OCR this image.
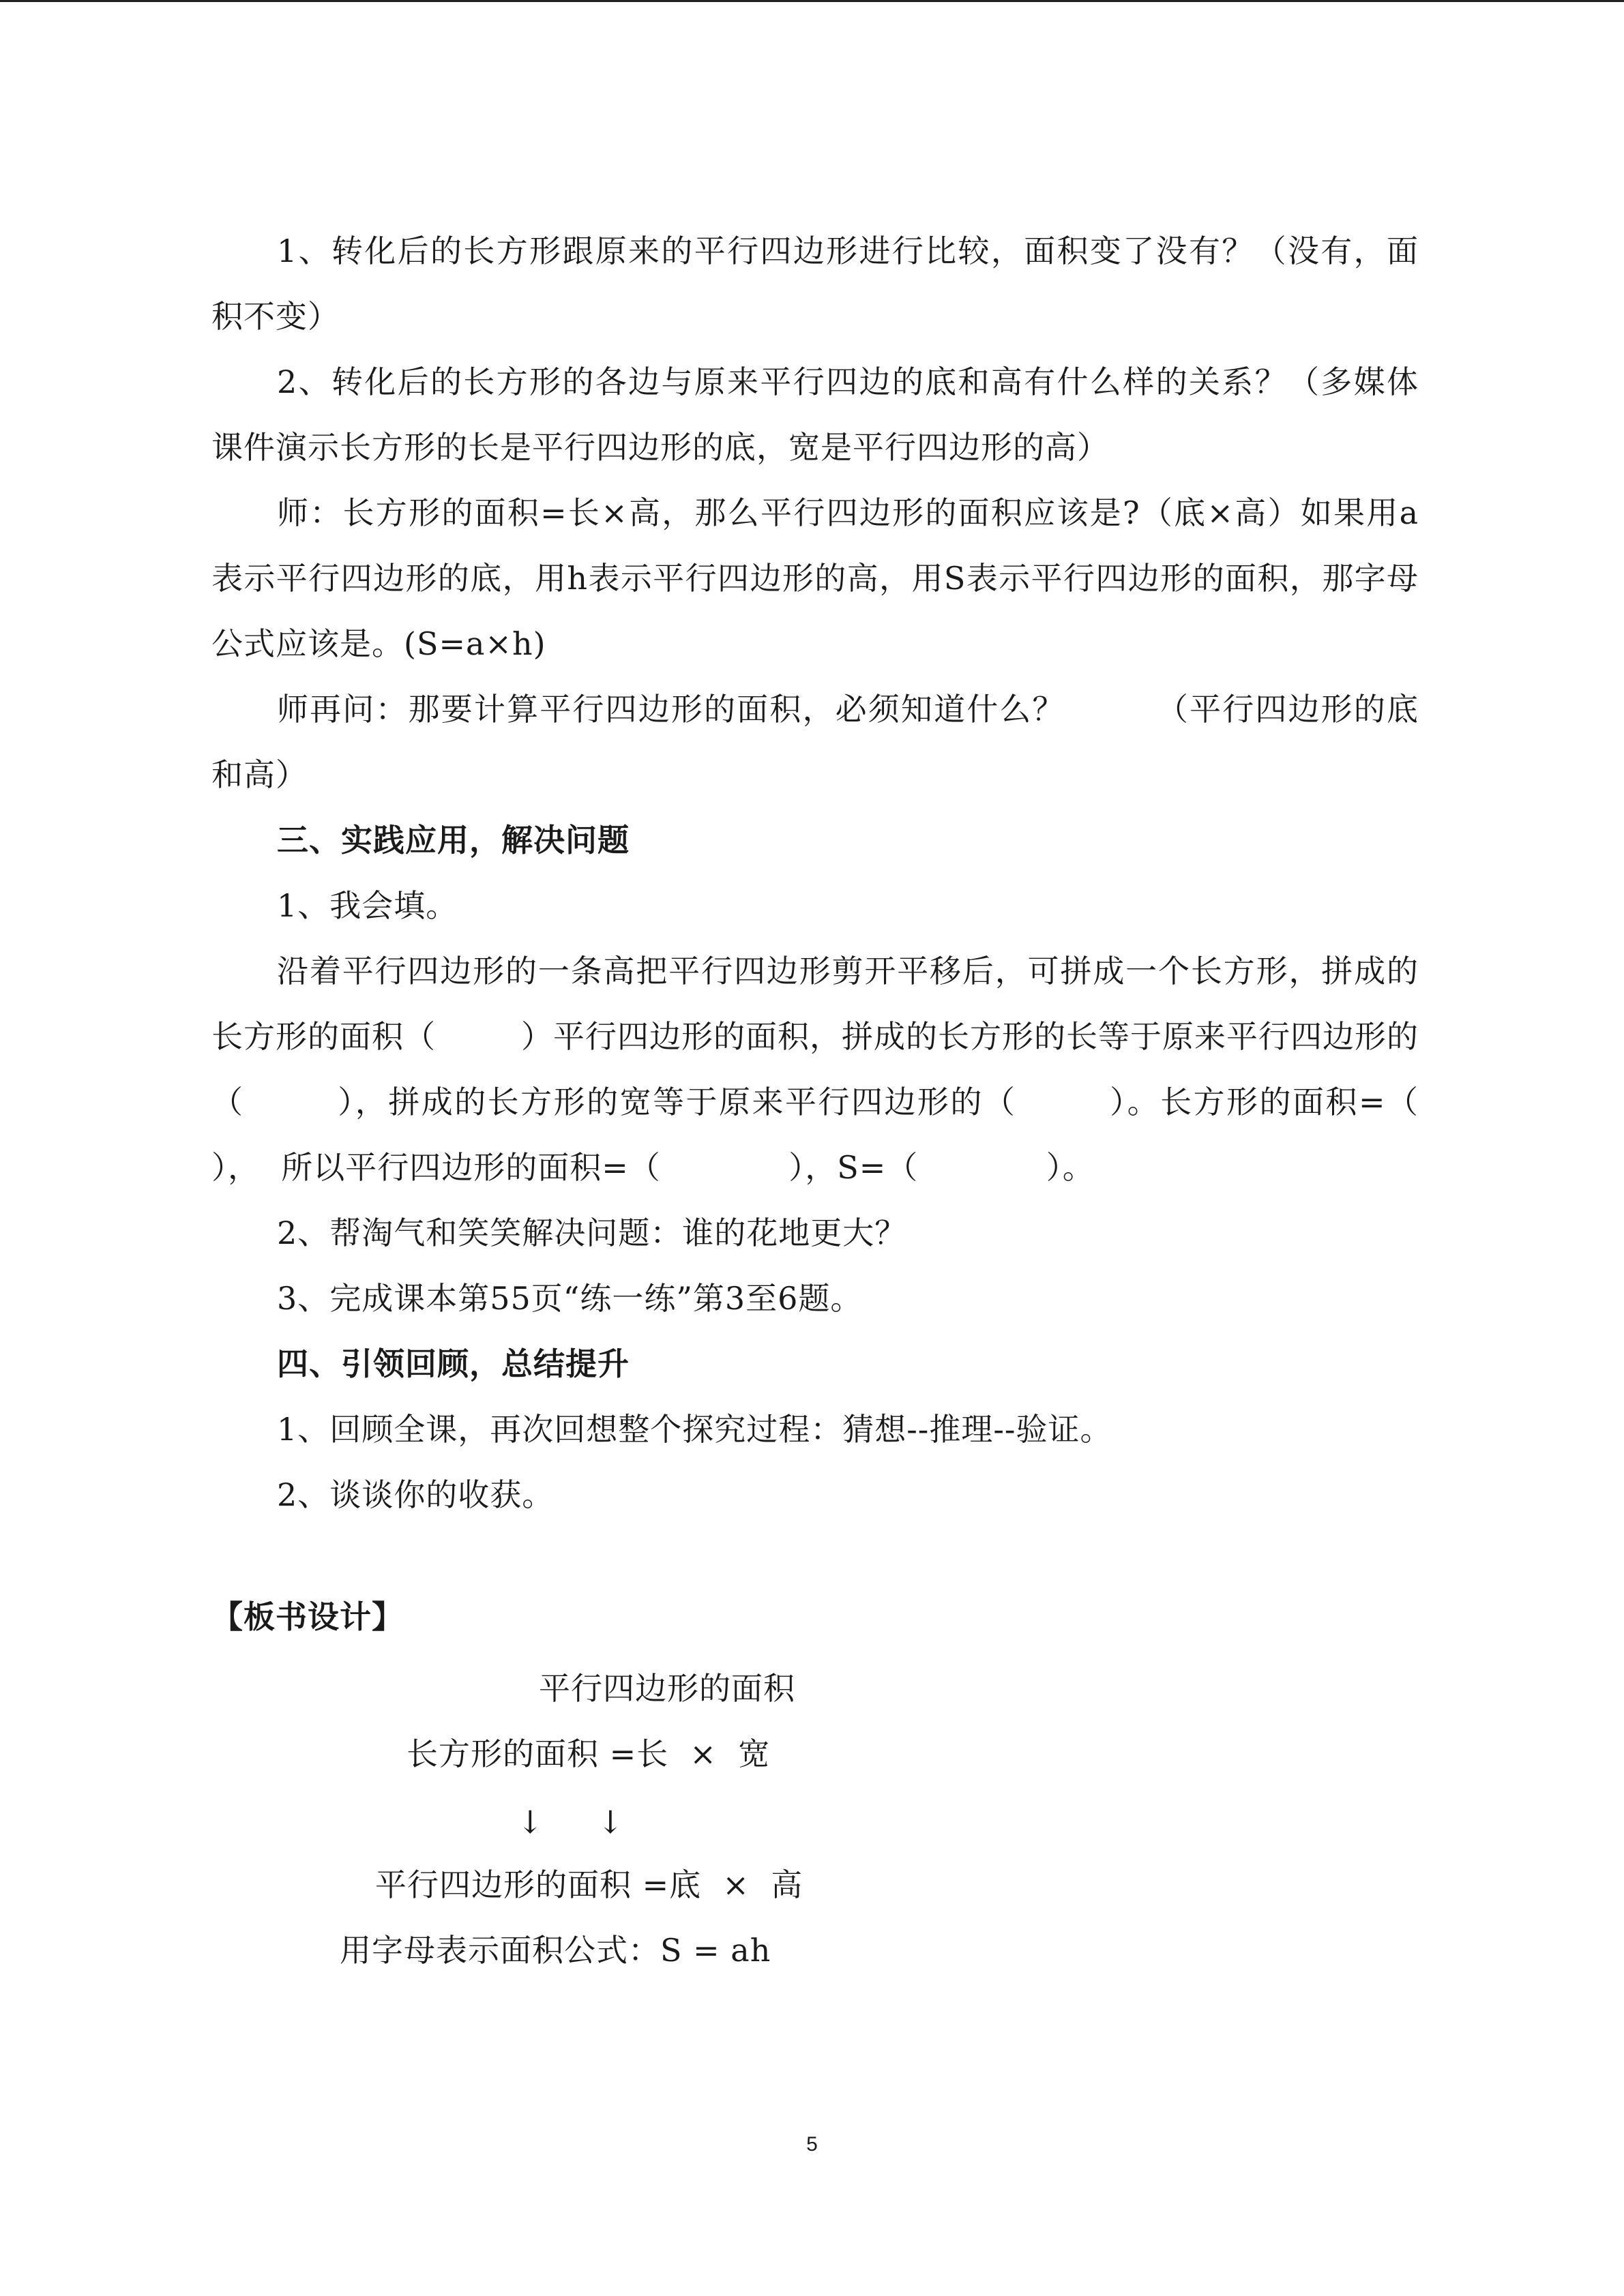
1、转化后的长方形跟原来的平行四边形进行比较，面积变了没有？（没有，面积不变）

2、转化后的长方形的各边与原来平行四边的底和高有什么样的关系？（多媒体课件演示长方形的长是平行四边形的底，宽是平行四边形的高）

师：长方形的面积=长×高，那么平行四边形的面积应该是?（底×高）如果用a表示平行四边形的底，用h表示平行四边形的高，用S表示平行四边形的面积，那字母公式应该是。(S=a×h)

师再问：那要计算平行四边形的面积，必须知道什么？        （平行四边形的底和高）

三、实践应用，解决问题

1、我会填。

沿着平行四边形的一条高把平行四边形剪开平移后，可拼成一个长方形，拼成的长方形的面积（        ）平行四边形的面积，拼成的长方形的长等于原来平行四边形的（        ），拼成的长方形的宽等于原来平行四边形的（        ）。长方形的面积=（           ），  所以平行四边形的面积=（            ），S=（            ）。

2、帮淘气和笑笑解决问题：谁的花地更大？

3、完成课本第55页“练一练”第3至6题。

四、引领回顾，总结提升

1、回顾全课，再次回想整个探究过程：猜想--推理--验证。

2、谈谈你的收获。

【板书设计】
平行四边形的面积
长方形的面积 =长  ×  宽
↓     ↓
平行四边形的面积 =底  ×  高
用字母表示面积公式：S = ah
5
